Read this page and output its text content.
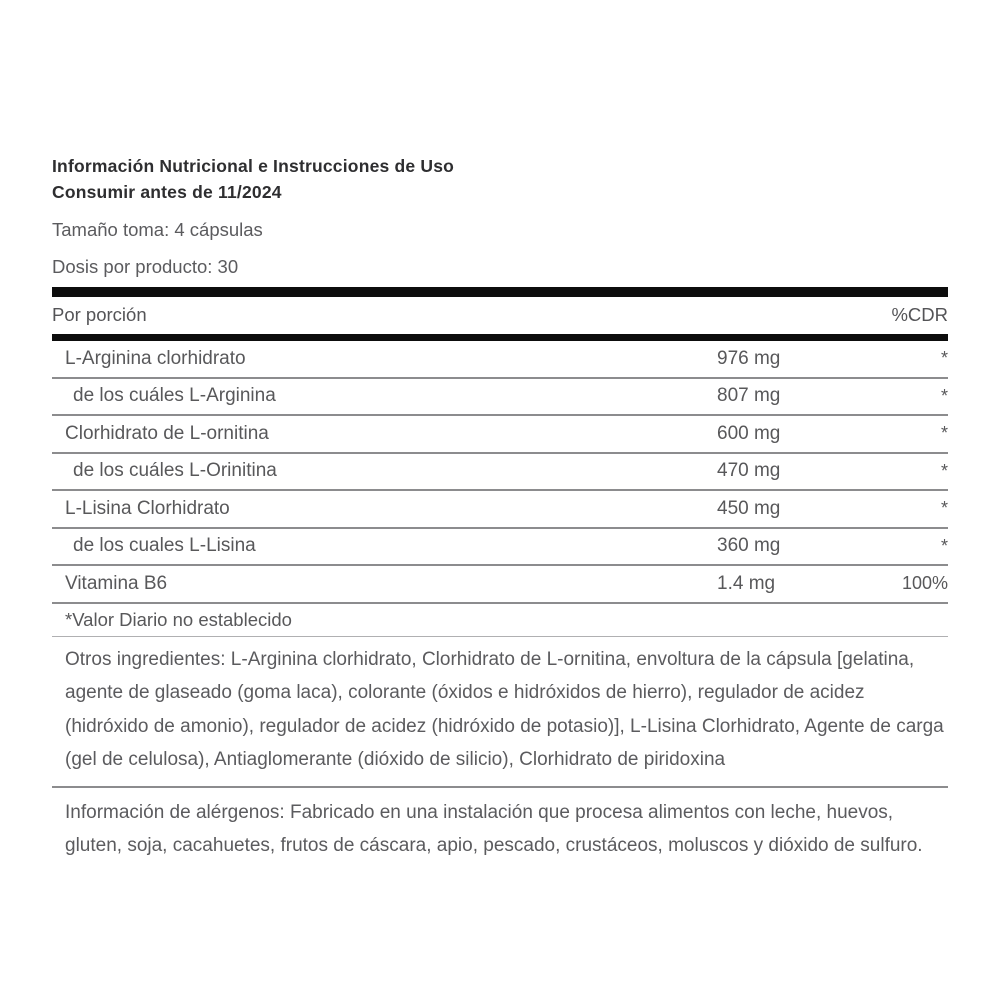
Información Nutricional e Instrucciones de Uso
Consumir antes de 11/2024
Tamaño toma: 4 cápsulas
Dosis por producto: 30
Por porción	%CDR
L-Arginina clorhidrato	976 mg	*
de los cuáles L-Arginina	807 mg	*
Clorhidrato de L-ornitina	600 mg	*
de los cuáles L-Orinitina	470 mg	*
L-Lisina Clorhidrato	450 mg	*
de los cuales L-Lisina	360 mg	*
Vitamina B6	1.4 mg	100%
*Valor Diario no establecido
Otros ingredientes: L-Arginina clorhidrato, Clorhidrato de L-ornitina, envoltura de la cápsula [gelatina, agente de glaseado (goma laca), colorante (óxidos e hidróxidos de hierro), regulador de acidez (hidróxido de amonio), regulador de acidez (hidróxido de potasio)], L-Lisina Clorhidrato, Agente de carga (gel de celulosa), Antiaglomerante (dióxido de silicio), Clorhidrato de piridoxina
Información de alérgenos: Fabricado en una instalación que procesa alimentos con leche, huevos, gluten, soja, cacahuetes, frutos de cáscara, apio, pescado, crustáceos, moluscos y dióxido de sulfuro.
